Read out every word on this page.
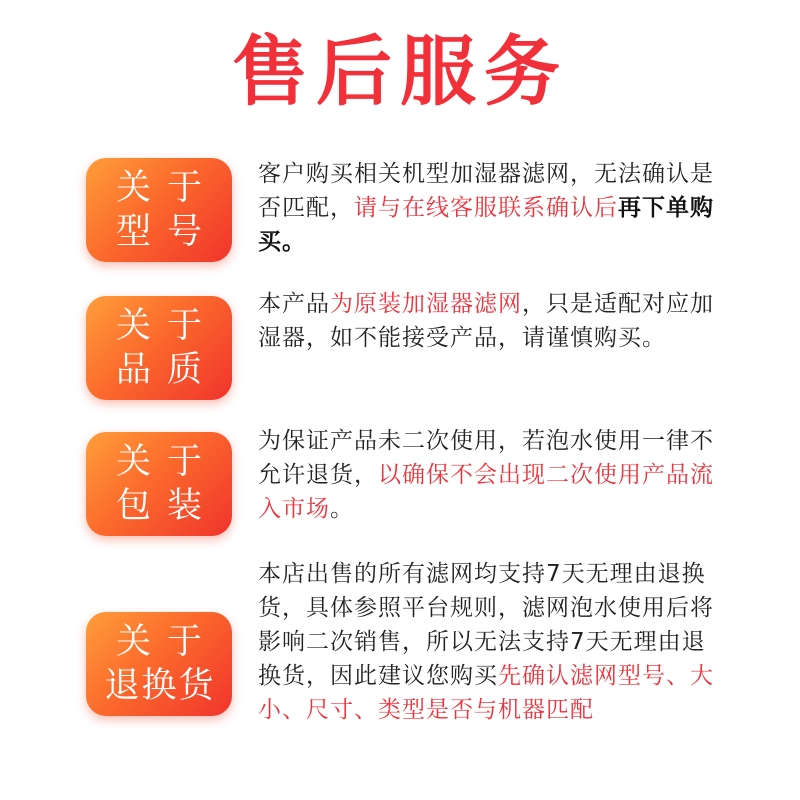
售后服务
关于
型号

客户购买相关机型加湿器滤网，无法确认是否匹配，请与在线客服联系确认后再下单购买。

关于
品质

本产品为原装加湿器滤网，只是适配对应加湿器，如不能接受产品，请谨慎购买。

关于
包装

为保证产品未二次使用，若泡水使用一律不允许退货，以确保不会出现二次使用产品流入市场。

关于
退换货

本店出售的所有滤网均支持7天无理由退换货，具体参照平台规则，滤网泡水使用后将影响二次销售，所以无法支持7天无理由退换货，因此建议您购买先确认滤网型号、大小、尺寸、类型是否与机器匹配
